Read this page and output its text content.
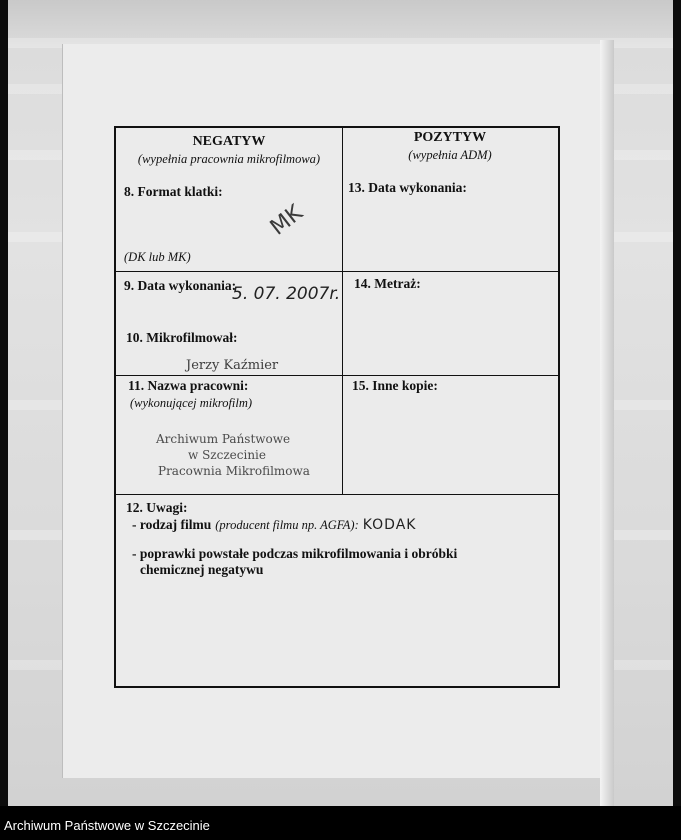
NEGATYW
(wypełnia pracownia mikrofilmowa)
POZYTYW
(wypełnia ADM)
8. Format klatki:
MK
(DK lub MK)
13. Data wykonania:
9. Data wykonania:
5. 07. 2007r.
14. Metraż:
10. Mikrofilmował:
Jerzy Kaźmier
11. Nazwa pracowni:
(wykonującej mikrofilm)
Archiwum Państwowe
w Szczecinie
Pracownia Mikrofilmowa
15. Inne kopie:
12. Uwagi:
- rodzaj filmu (producent filmu np. AGFA): KODAK
- poprawki powstałe podczas mikrofilmowania i obróbki
chemicznej negatywu
Archiwum Państwowe w Szczecinie
